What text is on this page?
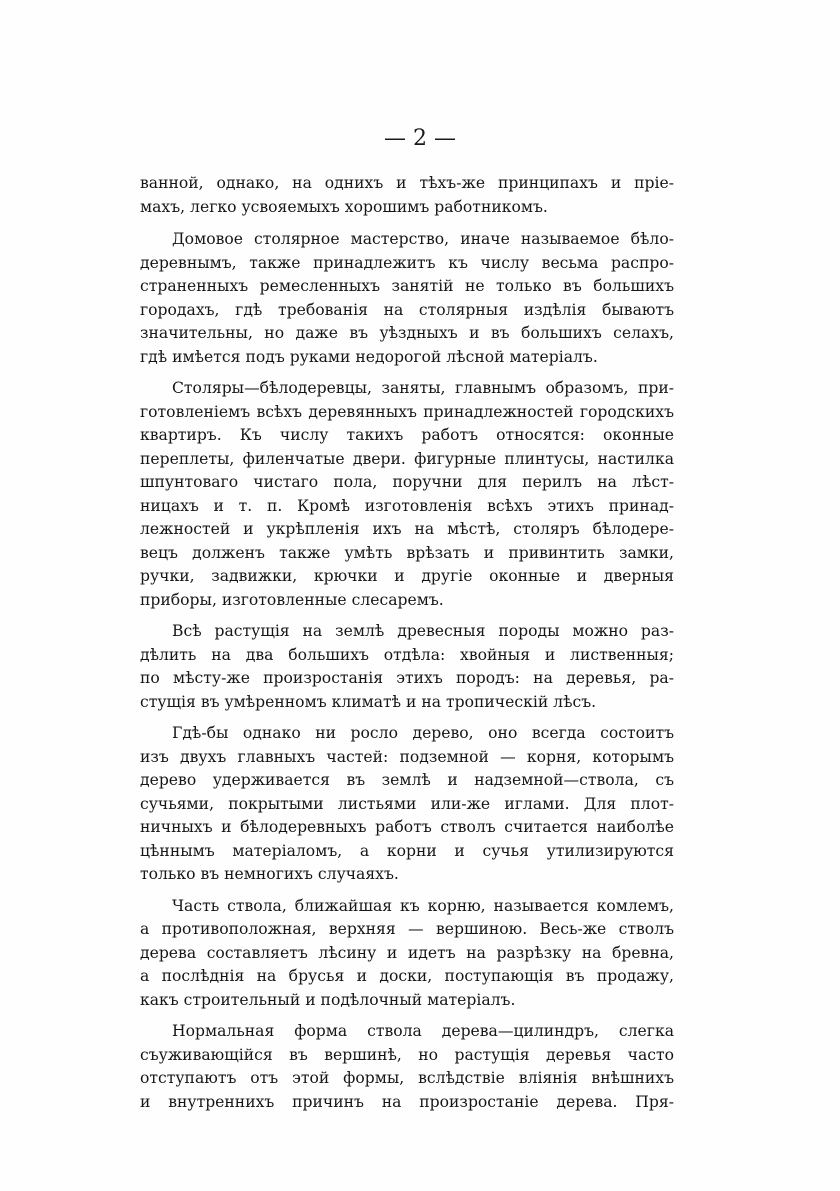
— 2 —
ванной, однако, на однихъ и тѣхъ-же принципахъ и прiе-
махъ, легко усвояемыхъ хорошимъ работникомъ.
Домовое столярное мастерство, иначе называемое бѣло-
деревнымъ, также принадлежитъ къ числу весьма распро-
страненныхъ ремесленныхъ занятiй не только въ большихъ
городахъ, гдѣ требованiя на столярныя издѣлiя бываютъ
значительны, но даже въ уѣздныхъ и въ большихъ селахъ,
гдѣ имѣется подъ руками недорогой лѣсной матерiалъ.
Столяры—бѣлодеревцы, заняты, главнымъ образомъ, при-
готовленiемъ всѣхъ деревянныхъ принадлежностей городскихъ
квартиръ. Къ числу такихъ работъ относятся: оконные
переплеты, филенчатые двери. фигурные плинтусы, настилка
шпунтоваго чистаго пола, поручни для перилъ на лѣст-
ницахъ и т. п. Кромѣ изготовленiя всѣхъ этихъ принад-
лежностей и укрѣпленiя ихъ на мѣстѣ, столяръ бѣлодере-
вецъ долженъ также умѣть врѣзать и привинтить замки,
ручки, задвижки, крючки и другiе оконные и дверныя
приборы, изготовленные слесаремъ.
Всѣ растущiя на землѣ древесныя породы можно раз-
дѣлить на два большихъ отдѣла: хвойныя и лиственныя;
по мѣсту-же произростанiя этихъ породъ: на деревья, ра-
стущiя въ умѣренномъ климатѣ и на тропическiй лѣсъ.
Гдѣ-бы однако ни росло дерево, оно всегда состоитъ
изъ двухъ главныхъ частей: подземной — корня, которымъ
дерево удерживается въ землѣ и надземной—ствола, съ
сучьями, покрытыми листьями или-же иглами. Для плот-
ничныхъ и бѣлодеревныхъ работъ стволъ считается наиболѣе
цѣннымъ матерiаломъ, а корни и сучья утилизируются
только въ немногихъ случаяхъ.
Часть ствола, ближайшая къ корню, называется комлемъ,
а противоположная, верхняя — вершиною. Весь-же стволъ
дерева составляетъ лѣсину и идетъ на разрѣзку на бревна,
а послѣднiя на брусья и доски, поступающiя въ продажу,
какъ строительный и подѣлочный матерiалъ.
Нормальная форма ствола дерева—цилиндръ, слегка
съуживающiйся въ вершинѣ, но растущiя деревья часто
отступаютъ отъ этой формы, вслѣдствiе влiянiя внѣшнихъ
и внутреннихъ причинъ на произростанiе дерева. Пря-
